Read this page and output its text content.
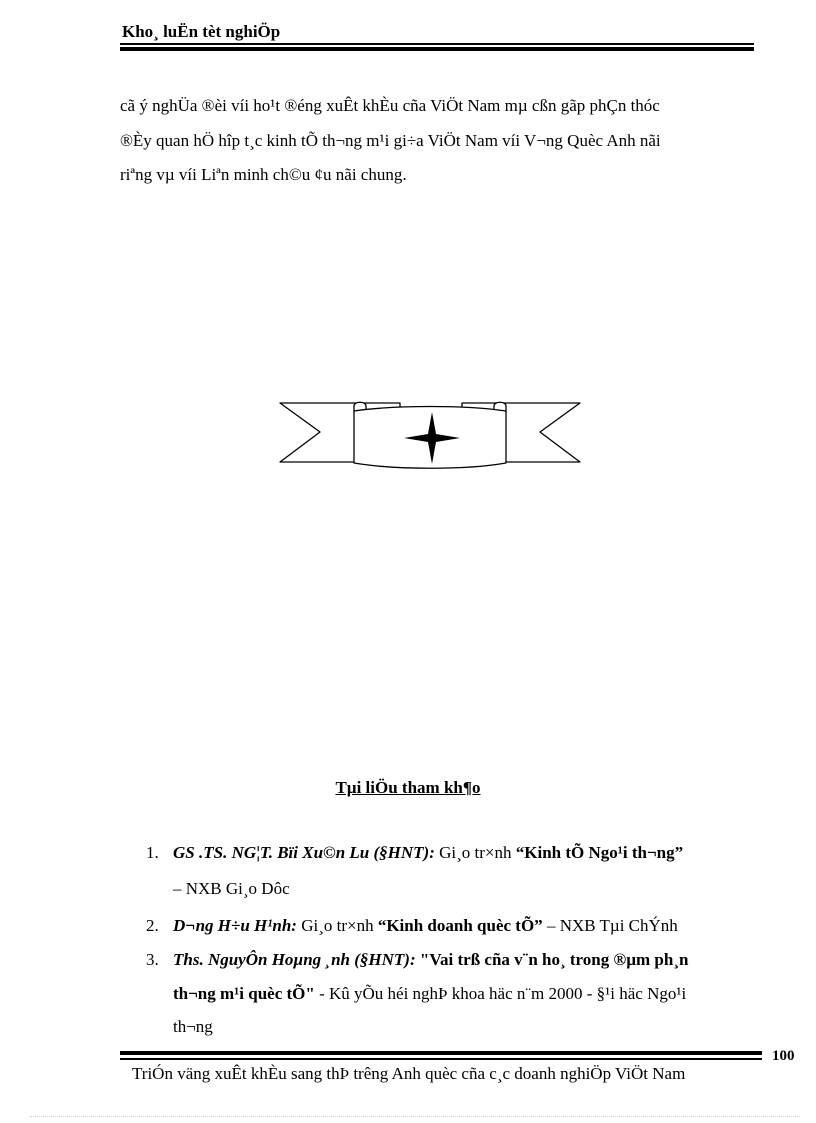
Kho¸ luËn tèt nghiÖp
cã ý nghÜa ®èi víi ho¹t ®éng xuÊt khÈu cña ViÖt Nam mµ cßn gãp phÇn thóc
®Èy quan hÖ hîp t¸c kinh tÕ th¬ng m¹i gi÷a ViÖt Nam víi V¬ng Quèc Anh nãi
riªng vµ víi Liªn minh ch©u ¢u nãi chung.
Tµi liÖu tham kh¶o
1. GS .TS. NG¦T. Bïi Xu©n Lu (§HNT): Gi¸o tr×nh “Kinh tÕ Ngo¹i th¬ng”
– NXB Gi¸o Dôc
2. D¬ng H÷u H¹nh: Gi¸o tr×nh “Kinh doanh quèc tÕ” – NXB Tµi ChÝnh
3. Ths. NguyÔn Hoµng ¸nh (§HNT): "Vai trß cña v¨n ho¸ trong ®µm ph¸n
th¬ng m¹i quèc tÕ" - Kû yÕu héi nghÞ khoa häc n¨m 2000 - §¹i häc Ngo¹i
th¬ng
100
TriÓn väng xuÊt khÈu sang thÞ trêng Anh quèc cña c¸c doanh nghiÖp ViÖt Nam
